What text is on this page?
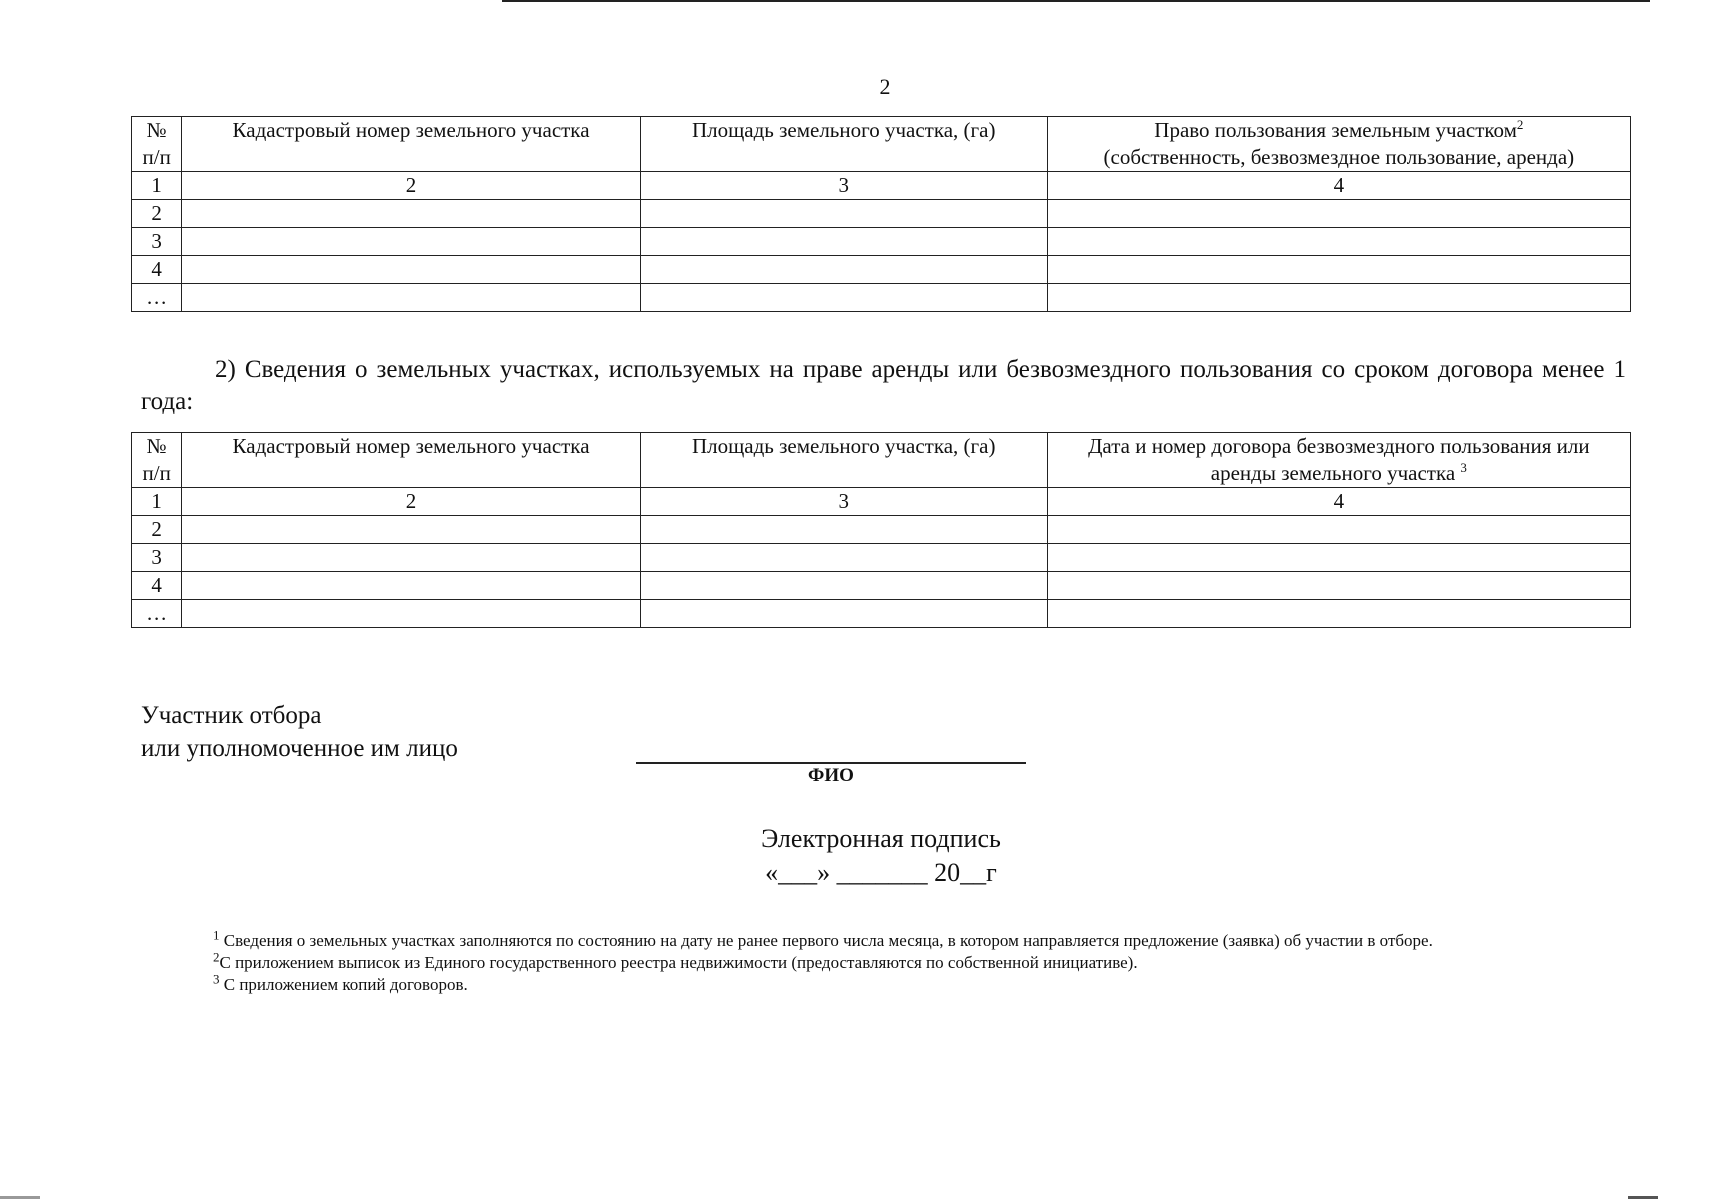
2
№ п/п	Кадастровый номер земельного участка	Площадь земельного участка, (га)	Право пользования земельным участком$^2$
(собственность, безвозмездное пользование, аренда)
1	2	3	4
2			
3			
4			
…			
2) Сведения о земельных участках, используемых на праве аренды или безвозмездного пользования со сроком договора менее 1 года:
№ п/п	Кадастровый номер земельного участка	Площадь земельного участка, (га)	Дата и номер договора безвозмездного пользования или аренды земельного участка $^3$
1	2	3	4
2			
3			
4			
…			
Участник отбора
или уполномоченное им лицо
ФИО
Электронная подпись
«___» _______ 20__г

$^1$ Сведения о земельных участках заполняются по состоянию на дату не ранее первого числа месяца, в котором направляется предложение (заявка) об участии в отборе.

$^2$С приложением выписок из Единого государственного реестра недвижимости (предоставляются по собственной инициативе).

$^3$ С приложением копий договоров.
